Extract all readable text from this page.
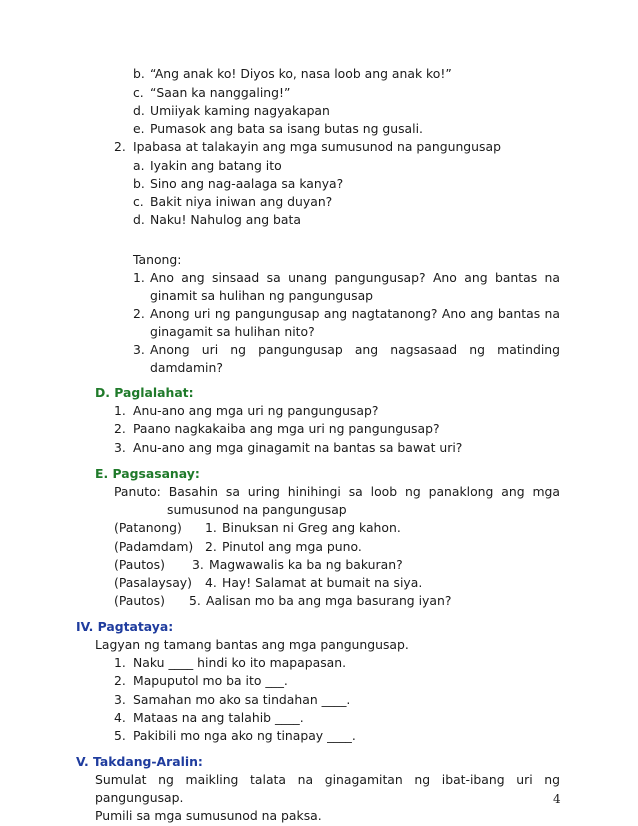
b. “Ang anak ko! Diyos ko, nasa loob ang anak ko!”
c. “Saan ka nanggaling!”
d. Umiiyak kaming nagyakapan
e. Pumasok ang bata sa isang butas ng gusali.
2. Ipabasa at talakayin ang mga sumusunod na pangungusap
a. Iyakin ang batang ito
b. Sino ang nag-aalaga sa kanya?
c. Bakit niya iniwan ang duyan?
d. Naku! Nahulog ang bata
Tanong:
1. Ano ang sinsaad sa unang pangungusap? Ano ang bantas na
ginamit sa hulihan ng pangungusap
2. Anong uri ng pangungusap ang nagtatanong? Ano ang bantas na
ginagamit sa hulihan nito?
3. Anong uri ng pangungusap ang nagsasaad ng matinding
damdamin?
D. Paglalahat:
1. Anu-ano ang mga uri ng pangungusap?
2. Paano nagkakaiba ang mga uri ng pangungusap?
3. Anu-ano ang mga ginagamit na bantas sa bawat uri?
E. Pagsasanay:
Panuto: Basahin sa uring hinihingi sa loob ng panaklong ang mga
sumusunod na pangungusap
(Patanong) 1. Binuksan ni Greg ang kahon.
(Padamdam) 2. Pinutol ang mga puno.
(Pautos) 3. Magwawalis ka ba ng bakuran?
(Pasalaysay) 4. Hay! Salamat at bumait na siya.
(Pautos) 5. Aalisan mo ba ang mga basurang iyan?
IV. Pagtataya:
Lagyan ng tamang bantas ang mga pangungusap.
1. Naku ____ hindi ko ito mapapasan.
2. Mapuputol mo ba ito ___.
3. Samahan mo ako sa tindahan ____.
4. Mataas na ang talahib ____.
5. Pakibili mo nga ako ng tinapay ____.
V. Takdang-Aralin:
Sumulat ng maikling talata na ginagamitan ng ibat-ibang uri ng
pangungusap.
Pumili sa mga sumusunod na paksa.
4
